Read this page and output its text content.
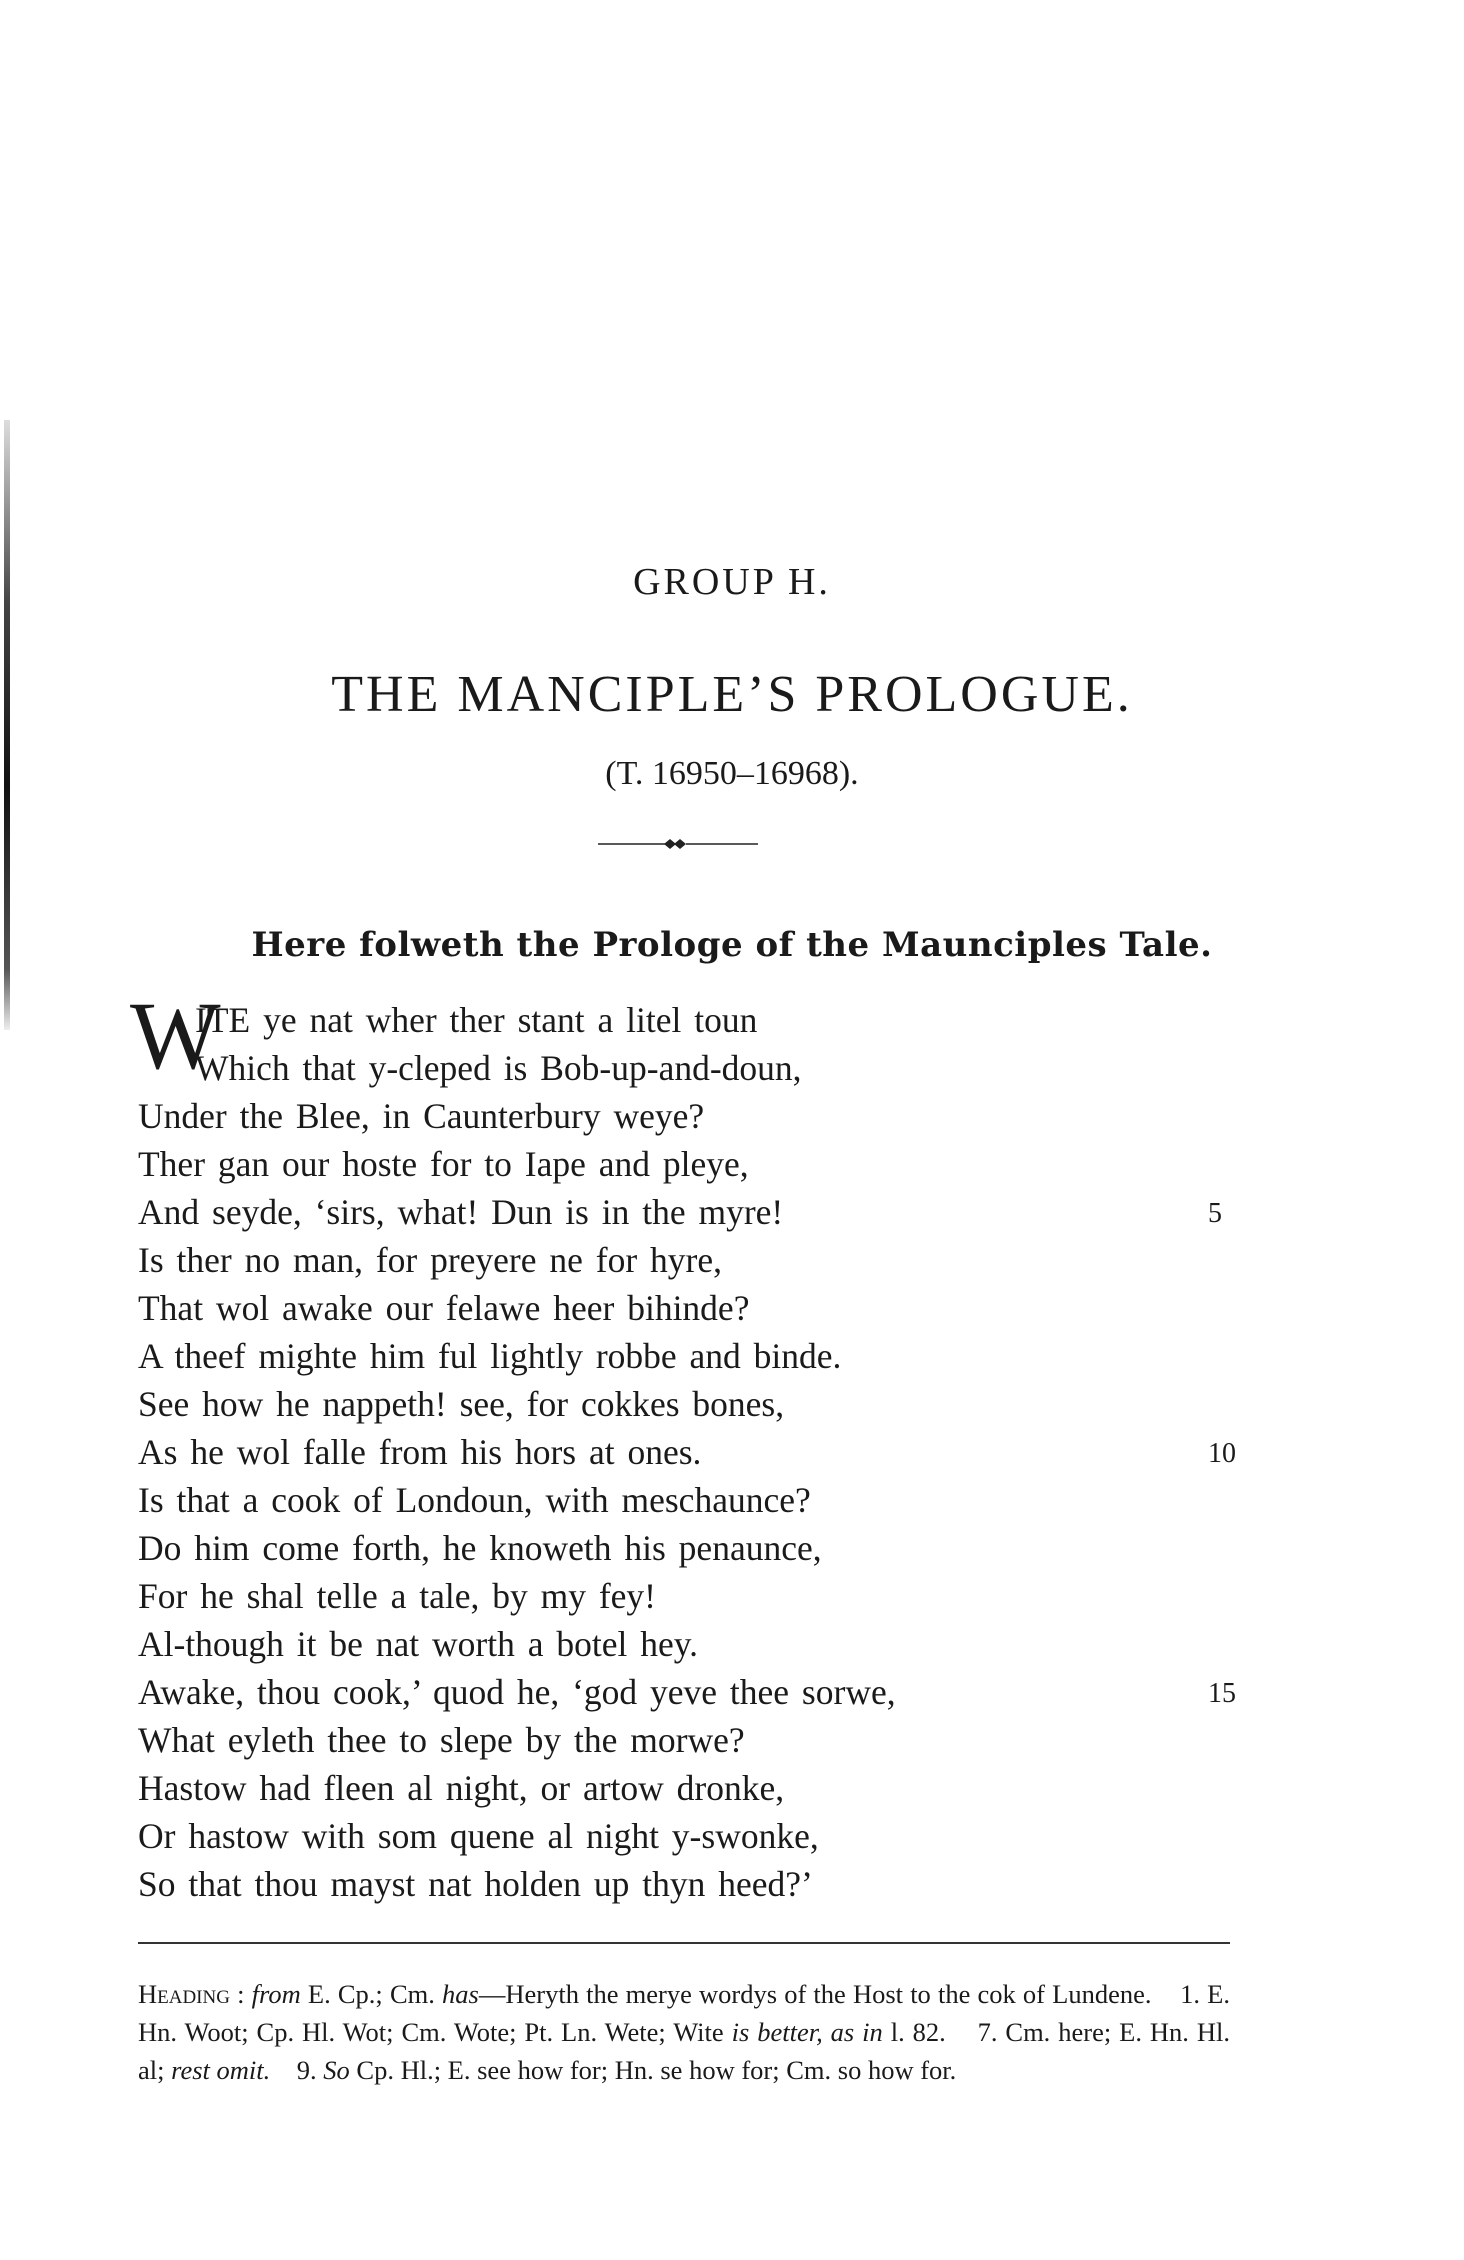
GROUP H.
THE MANCIPLE’S PROLOGUE.
(T. 16950–16968).
Here folweth the Prologe of the Maunciples Tale.
W
ITE ye nat wher ther stant a litel toun
Which that y-cleped is Bob-up-and-doun,
Under the Blee, in Caunterbury weye?
Ther gan our hoste for to Iape and pleye,
And seyde, ‘sirs, what! Dun is in the myre!
Is ther no man, for preyere ne for hyre,
That wol awake our felawe heer bihinde?
A theef mighte him ful lightly robbe and binde.
See how he nappeth! see, for cokkes bones,
As he wol falle from his hors at ones.
Is that a cook of Londoun, with meschaunce?
Do him come forth, he knoweth his penaunce,
For he shal telle a tale, by my fey!
Al-though it be nat worth a botel hey.
Awake, thou cook,’ quod he, ‘god yeve thee sorwe,
What eyleth thee to slepe by the morwe?
Hastow had fleen al night, or artow dronke,
Or hastow with som quene al night y-swonke,
So that thou mayst nat holden up thyn heed?’
5
10
15
Heading : from E. Cp.; Cm. has—Heryth the merye wordys of the Host to the cok of Lundene.    1. E. Hn. Woot; Cp. Hl. Wot; Cm. Wote; Pt. Ln. Wete; Wite is better, as in l. 82.    7. Cm. here; E. Hn. Hl. al; rest omit.    9. So Cp. Hl.; E. see how for; Hn. se how for; Cm. so how for.
